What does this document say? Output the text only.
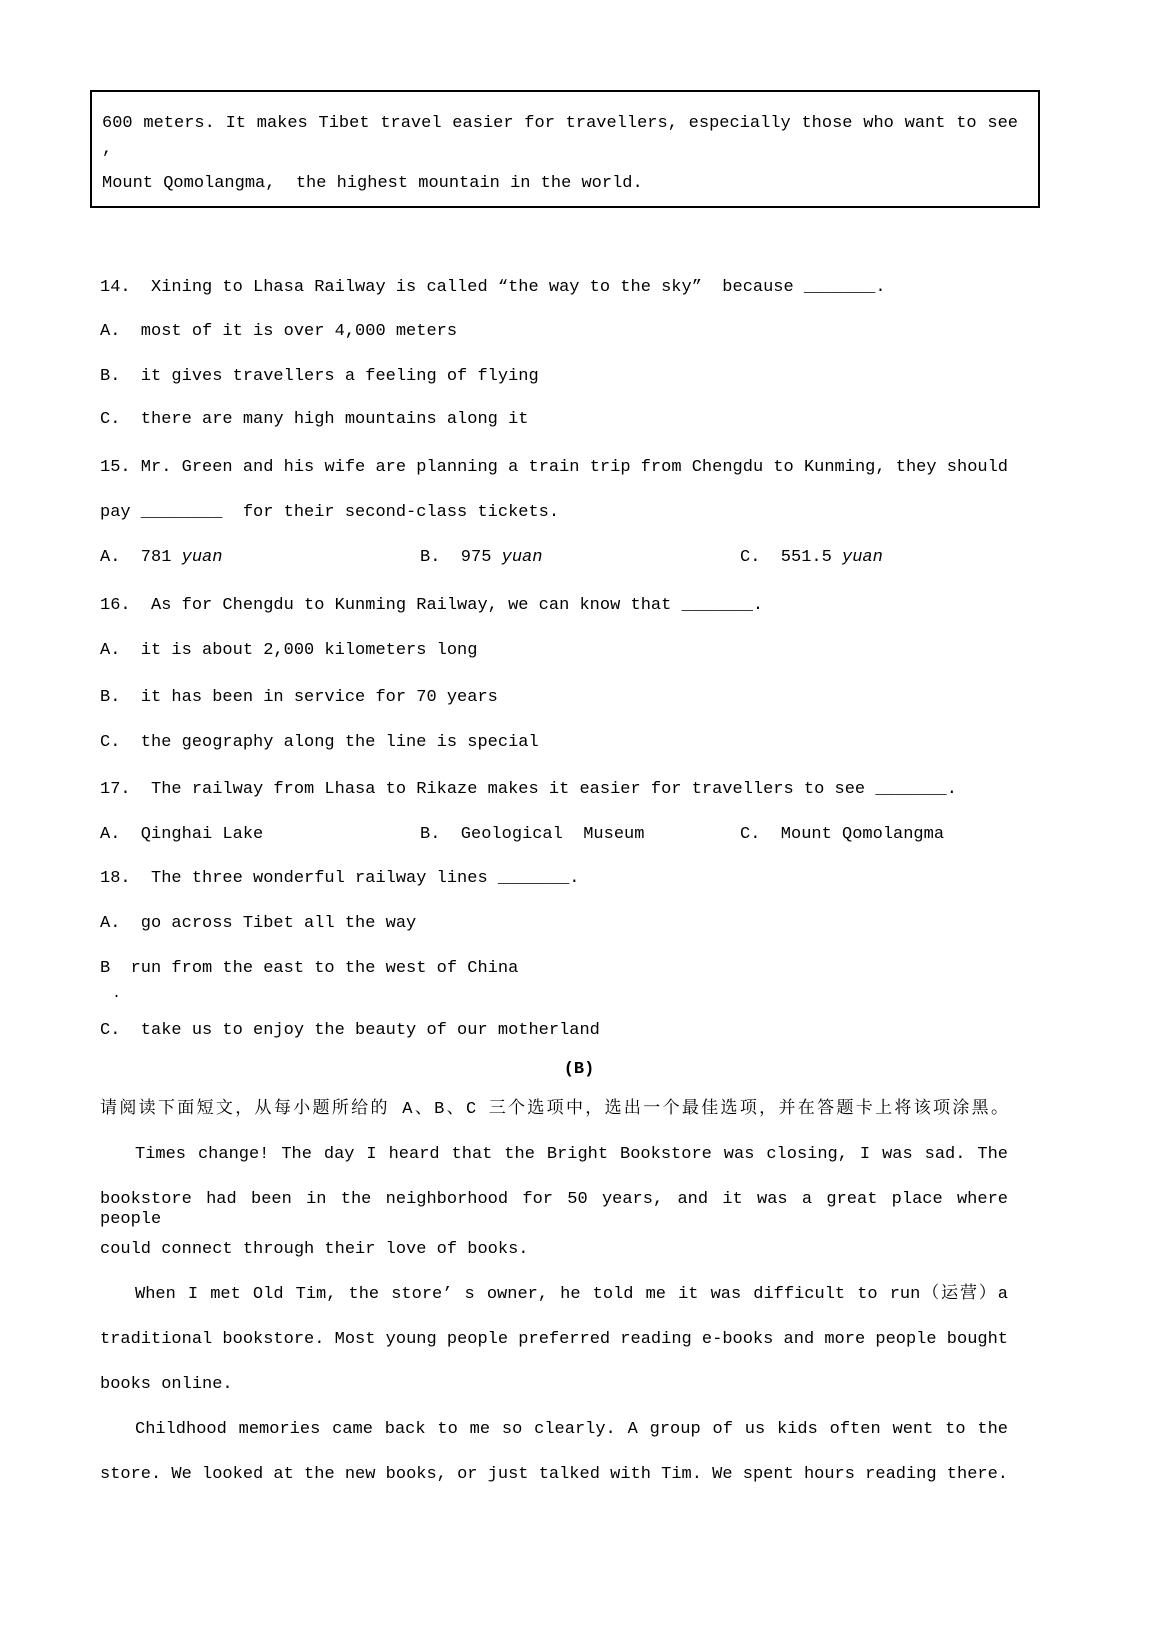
600 meters. It makes Tibet travel easier for travellers, especially those who want to see
,
Mount Qomolangma,  the highest mountain in the world.
14.  Xining to Lhasa Railway is called “the way to the sky”  because _______.
A.  most of it is over 4,000 meters
B.  it gives travellers a feeling of flying
C.  there are many high mountains along it
15. Mr. Green and his wife are planning a train trip from Chengdu to Kunming, they should
pay ________  for their second-class tickets.
A.  781 yuan	B.  975 yuan	C.  551.5 yuan
16.  As for Chengdu to Kunming Railway, we can know that _______.
A.  it is about 2,000 kilometers long
B.  it has been in service for 70 years
C.  the geography along the line is special
17.  The railway from Lhasa to Rikaze makes it easier for travellers to see _______.
A.  Qinghai Lake	B.  Geological  Museum	C.  Mount Qomolangma
18.  The three wonderful railway lines _______.
A.  go across Tibet all the way
B  run from the east to the west of China
.
C.  take us to enjoy the beauty of our motherland
(B)
请阅读下面短文，从每小题所给的 A、B、C 三个选项中，选出一个最佳选项，并在答题卡上将该项涂黑。
Times change! The day I heard that the Bright Bookstore was closing, I was sad. The
bookstore had been in the neighborhood for 50 years, and it was a great place where people
could connect through their love of books.
When I met Old Tim, the store’ s owner, he told me it was difficult to run（运营）a
traditional bookstore. Most young people preferred reading e-books and more people bought
books online.
Childhood memories came back to me so clearly. A group of us kids often went to the
store. We looked at the new books, or just talked with Tim. We spent hours reading there.
